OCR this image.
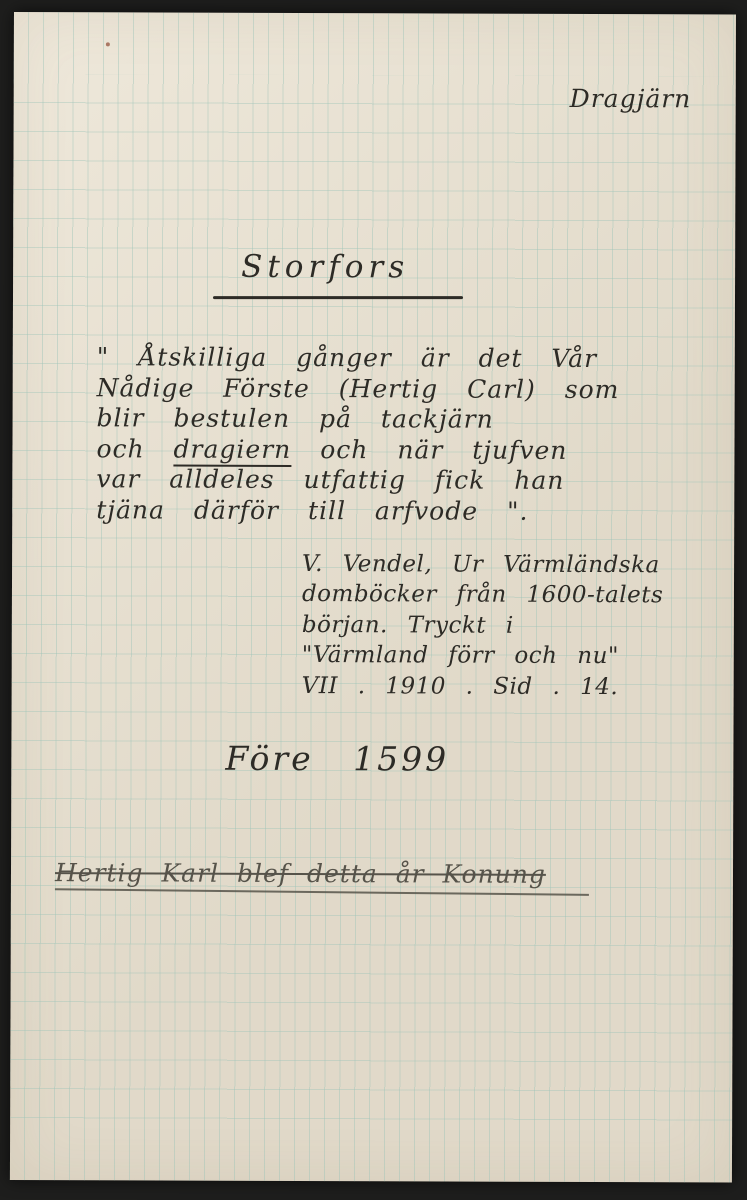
Dragjärn
Storfors
" Åtskilliga gånger är det Vår
Nådige Förste (Hertig Carl) som
blir bestulen på tackjärn
och dragiern och när tjufven
var alldeles utfattig fick han
tjäna därför till arfvode ".
V. Vendel, Ur Värmländska
domböcker från 1600-talets
början. Tryckt i
"Värmland förr och nu"
VII . 1910 . Sid . 14.
Före 1599
Hertig Karl blef detta år Konung
